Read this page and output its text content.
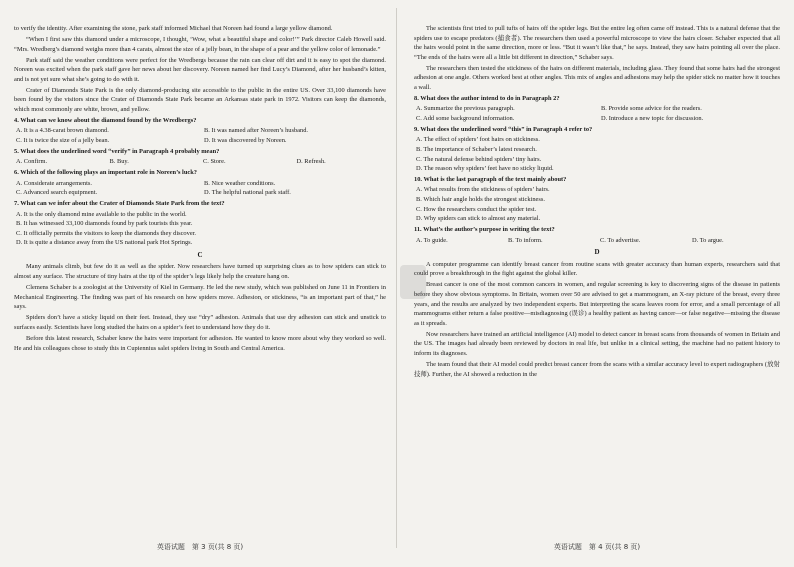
to verify the identity. After examining the stone, park staff informed Michael that Noreen had found a large yellow diamond.

“When I first saw this diamond under a microscope, I thought, ‘Wow, what a beautiful shape and color!’” Park director Caleb Howell said. “Mrs. Wredberg’s diamond weighs more than 4 carats, almost the size of a jelly bean, in the shape of a pear and the yellow color of lemonade.”

Park staff said the weather conditions were perfect for the Wredbergs because the rain can clear off dirt and it is easy to spot the diamond. Noreen was excited when the park staff gave her news about her discovery. Noreen named her find Lucy’s Diamond, after her husband’s kitten, and is not yet sure what she’s going to do with it.

Crater of Diamonds State Park is the only diamond-producing site accessible to the public in the entire US. Over 33,100 diamonds have been found by the visitors since the Crater of Diamonds State Park became an Arkansas state park in 1972. Visitors can keep the diamonds, which most commonly are white, brown, and yellow.

4. What can we know about the diamond found by the Wredbergs?
A. It is a 4.38-carat brown diamond.	B. It was named after Noreen’s husband.
C. It is twice the size of a jelly bean.	D. It was discovered by Noreen.
5. What does the underlined word “verify” in Paragraph 4 probably mean?
A. Confirm.	B. Buy.	C. Store.	D. Refresh.
6. Which of the following plays an important role in Noreen’s luck?
A. Considerate arrangements.	B. Nice weather conditions.
C. Advanced search equipment.	D. The helpful national park staff.
7. What can we infer about the Crater of Diamonds State Park from the text?
A. It is the only diamond mine available to the public in the world.
B. It has witnessed 33,100 diamonds found by park tourists this year.
C. It officially permits the visitors to keep the diamonds they discover.
D. It is quite a distance away from the US national park Hot Springs.
C

Many animals climb, but few do it as well as the spider. Now researchers have turned up surprising clues as to how spiders can stick to almost any surface. The structure of tiny hairs at the tip of the spider’s legs likely help the creature hang on.

Clemens Schaber is a zoologist at the University of Kiel in Germany. He led the new study, which was published on June 11 in Frontiers in Mechanical Engineering. The finding was part of his research on how spiders move. Adhesion, or stickiness, “is an important part of that,” he says.

Spiders don’t have a sticky liquid on their feet. Instead, they use “dry” adhesion. Animals that use dry adhesion can stick and unstick to surfaces easily. Scientists have long studied the hairs on a spider’s feet to understand how they do it.

Before this latest research, Schaber knew the hairs were important for adhesion. He wanted to know more about why they worked so well. He and his colleagues chose to study this in Cupiennius salei spiders living in South and Central America.

The scientists first tried to pull tufts of hairs off the spider legs. But the entire leg often came off instead. This is a natural defense that the spiders use to escape predators (捕食者). The researchers then used a powerful microscope to view the hairs closer. Schaber expected that all the hairs would point in the same direction, more or less. “But it wasn’t like that,” he says. Instead, they saw hairs pointing all over the place. “The ends of the hairs were all a little bit different in direction,” Schaber says.

The researchers then tested the stickiness of the hairs on different materials, including glass. They found that some hairs had the strongest adhesion at one angle. Others worked best at other angles. This mix of angles and adhesions may help the spider stick no matter how it touches a wall.

8. What does the author intend to do in Paragraph 2?
A. Summarize the previous paragraph.	B. Provide some advice for the readers.
C. Add some background information.	D. Introduce a new topic for discussion.
9. What does the underlined word “this” in Paragraph 4 refer to?
A. The effect of spiders’ foot hairs on stickiness.
B. The importance of Schaber’s latest research.
C. The natural defense behind spiders’ tiny hairs.
D. The reason why spiders’ feet have no sticky liquid.
10. What is the last paragraph of the text mainly about?
A. What results from the stickiness of spiders’ hairs.
B. Which hair angle holds the strongest stickiness.
C. How the researchers conduct the spider test.
D. Why spiders can stick to almost any material.
11. What’s the author’s purpose in writing the text?
A. To guide.	B. To inform.	C. To advertise.	D. To argue.
D

A computer programme can identify breast cancer from routine scans with greater accuracy than human experts, researchers said that could prove a breakthrough in the fight against the global killer.

Breast cancer is one of the most common cancers in women, and regular screening is key to discovering signs of the disease in patients before they show obvious symptoms. In Britain, women over 50 are advised to get a mammogram, an X-ray picture of the breast, every three years, and the results are analyzed by two independent experts. But interpreting the scans leaves room for error, and a small percentage of all mammograms either return a false positive—misdiagnosing (误诊) a healthy patient as having cancer—or false negative—missing the disease as it spreads.

Now researchers have trained an artificial intelligence (AI) model to detect cancer in breast scans from thousands of women in Britain and the US. The images had already been reviewed by doctors in real life, but unlike in a clinical setting, the machine had no patient history to inform its diagnoses.

The team found that their AI model could predict breast cancer from the scans with a similar accuracy level to expert radiographers (放射技师). Further, the AI showed a reduction in the

英语试题　第 3 页(共 8 页)	英语试题　第 4 页(共 8 页)
